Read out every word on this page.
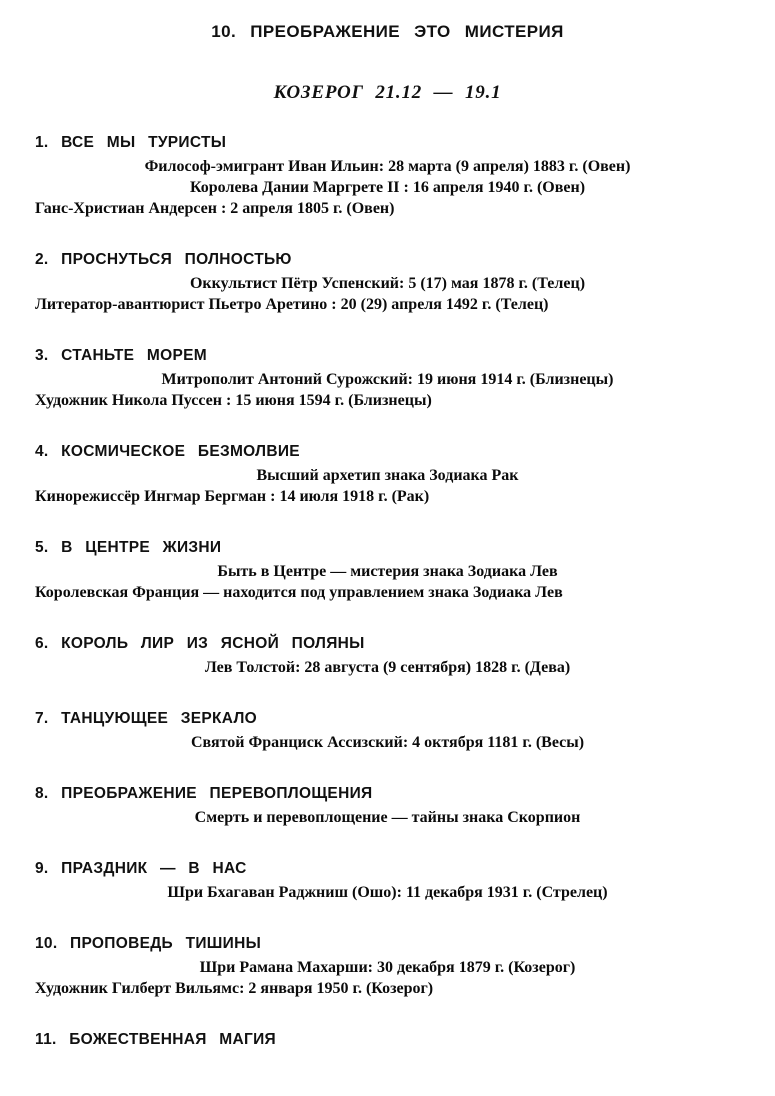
10. ПРЕОБРАЖЕНИЕ ЭТО МИСТЕРИЯ

КОЗЕРОГ 21.12 — 19.1

1. ВСЕ МЫ ТУРИСТЫ

Философ-эмигрант Иван Ильин: 28 марта (9 апреля) 1883 г. (Овен)

Королева Дании Маргрете II : 16 апреля 1940 г. (Овен)

Ганс-Христиан Андерсен : 2 апреля 1805 г. (Овен)

2. ПРОСНУТЬСЯ ПОЛНОСТЬЮ

Оккультист Пётр Успенский: 5 (17) мая 1878 г. (Телец)

Литератор-авантюрист Пьетро Аретино : 20 (29) апреля 1492 г. (Телец)

3. СТАНЬТЕ МОРЕМ

Митрополит Антоний Сурожский: 19 июня 1914 г. (Близнецы)

Художник Никола Пуссен : 15 июня 1594 г. (Близнецы)

4. КОСМИЧЕСКОЕ БЕЗМОЛВИЕ

Высший архетип знака Зодиака Рак

Кинорежиссёр Ингмар Бергман : 14 июля 1918 г. (Рак)

5. В ЦЕНТРЕ ЖИЗНИ

Быть в Центре — мистерия знака Зодиака Лев

Королевская Франция — находится под управлением знака Зодиака Лев

6. КОРОЛЬ ЛИР ИЗ ЯСНОЙ ПОЛЯНЫ

Лев Толстой: 28 августа (9 сентября) 1828 г. (Дева)

7. ТАНЦУЮЩЕЕ ЗЕРКАЛО

Святой Франциск Ассизский: 4 октября 1181 г. (Весы)

8. ПРЕОБРАЖЕНИЕ ПЕРЕВОПЛОЩЕНИЯ

Смерть и перевоплощение — тайны знака Скорпион

9. ПРАЗДНИК — В НАС

Шри Бхагаван Раджниш (Ошо): 11 декабря 1931 г. (Стрелец)

10. ПРОПОВЕДЬ ТИШИНЫ

Шри Рамана Махарши: 30 декабря 1879 г. (Козерог)

Художник Гилберт Вильямс: 2 января 1950 г. (Козерог)

11. БОЖЕСТВЕННАЯ МАГИЯ
